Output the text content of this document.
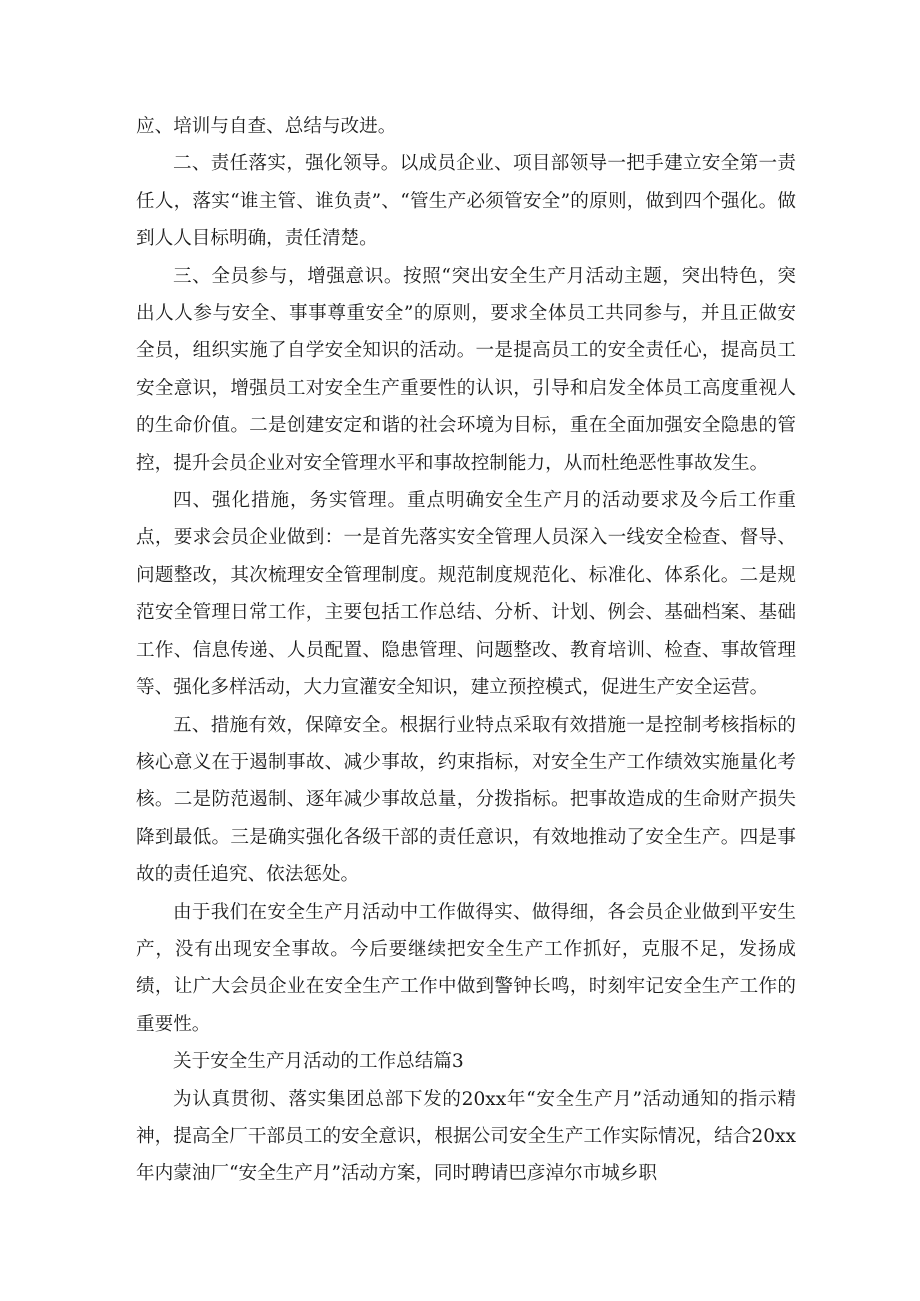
应、培训与自查、总结与改进。

二、责任落实，强化领导。以成员企业、项目部领导一把手建立安全第一责任人，落实“谁主管、谁负责”、“管生产必须管安全”的原则，做到四个强化。做到人人目标明确，责任清楚。

三、全员参与，增强意识。按照“突出安全生产月活动主题，突出特色，突出人人参与安全、事事尊重安全”的原则，要求全体员工共同参与，并且正做安全员，组织实施了自学安全知识的活动。一是提高员工的安全责任心，提高员工安全意识，增强员工对安全生产重要性的认识，引导和启发全体员工高度重视人的生命价值。二是创建安定和谐的社会环境为目标，重在全面加强安全隐患的管控，提升会员企业对安全管理水平和事故控制能力，从而杜绝恶性事故发生。

四、强化措施，务实管理。重点明确安全生产月的活动要求及今后工作重点，要求会员企业做到：一是首先落实安全管理人员深入一线安全检查、督导、问题整改，其次梳理安全管理制度。规范制度规范化、标准化、体系化。二是规范安全管理日常工作，主要包括工作总结、分析、计划、例会、基础档案、基础工作、信息传递、人员配置、隐患管理、问题整改、教育培训、检查、事故管理等、强化多样活动，大力宣灌安全知识，建立预控模式，促进生产安全运营。

五、措施有效，保障安全。根据行业特点采取有效措施一是控制考核指标的核心意义在于遏制事故、减少事故，约束指标，对安全生产工作绩效实施量化考核。二是防范遏制、逐年减少事故总量，分拨指标。把事故造成的生命财产损失降到最低。三是确实强化各级干部的责任意识，有效地推动了安全生产。四是事故的责任追究、依法惩处。

由于我们在安全生产月活动中工作做得实、做得细，各会员企业做到平安生产，没有出现安全事故。今后要继续把安全生产工作抓好，克服不足，发扬成绩，让广大会员企业在安全生产工作中做到警钟长鸣，时刻牢记安全生产工作的重要性。

关于安全生产月活动的工作总结篇3

为认真贯彻、落实集团总部下发的20xx年“安全生产月”活动通知的指示精神，提高全厂干部员工的安全意识，根据公司安全生产工作实际情况，结合20xx年内蒙油厂“安全生产月”活动方案，同时聘请巴彦淖尔市城乡职
